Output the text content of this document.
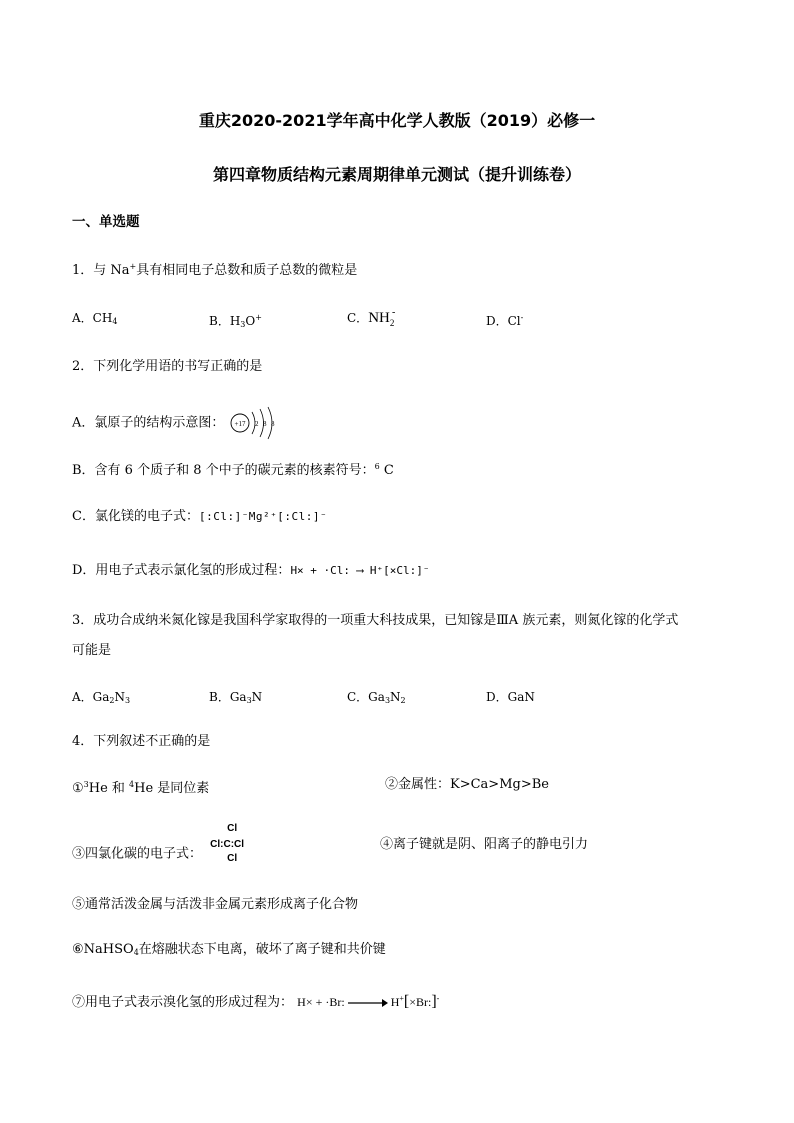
重庆2020-2021学年高中化学人教版（2019）必修一
第四章物质结构元素周期律单元测试（提升训练卷）
一、单选题
1．与 Na+具有相同电子总数和质子总数的微粒是
A．$CH_4$	B．$H_3O^+$	C．$NH_2$
-
D．Cl-
2．下列化学用语的书写正确的是
A．氯原子的结构示意图： +17 2 8 8
B．含有 6 个质子和 8 个中子的碳元素的核素符号：$^6$ C
C．氯化镁的电子式：[:Cl:]⁻Mg²⁺[:Cl:]⁻
D．用电子式表示氯化氢的形成过程：H× + ·Cl: ⟶ H⁺[×Cl:]⁻
3．成功合成纳米氮化镓是我国科学家取得的一项重大科技成果，已知镓是ⅢA 族元素，则氮化镓的化学式
可能是
A．$Ga_2N_3$	B．$Ga_3N$	C．$Ga_3N_2$	D．GaN
4．下列叙述不正确的是
①$^3$He 和 $^4$He 是同位素	②金属性：K>Ca>Mg>Be
③四氯化碳的电子式：
Cl
Cl:C:Cl
Cl
④离子键就是阴、阳离子的静电引力
⑤通常活泼金属与活泼非金属元素形成离子化合物
⑥NaHSO$_4$在熔融状态下电离，破坏了离子键和共价键
⑦用电子式表示溴化氢的形成过程为： H× + ·Br:	H+[×Br:]-
